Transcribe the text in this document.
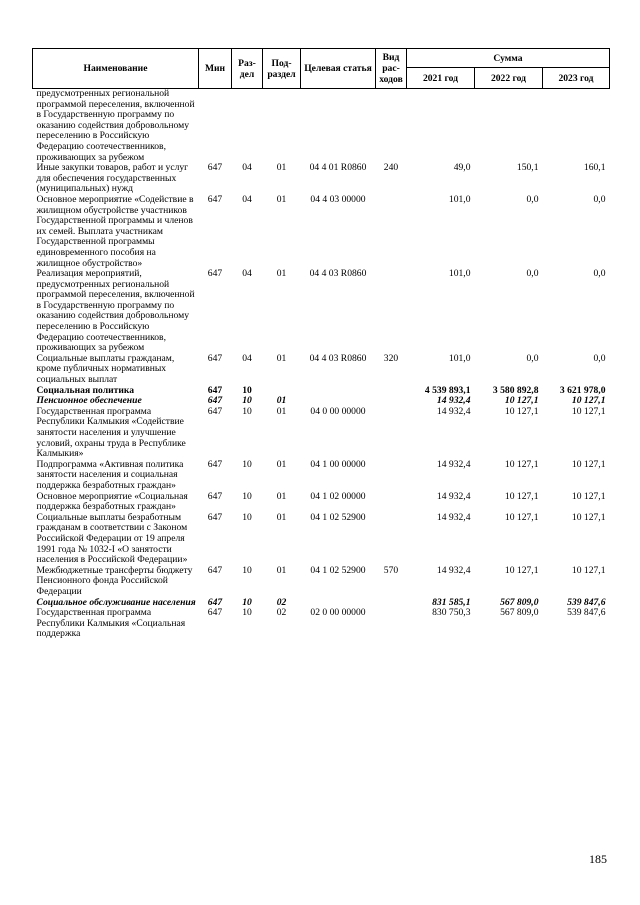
Наименование	Мин	Раз-дел	Под-раздел	Целевая статья	Вид рас-ходов	Сумма		
						2021 год	2022 год	2023 год
предусмотренных региональной программой переселения, включенной в Государственную программу по оказанию содействия добровольному переселению в Российскую Федерацию соотечественников, проживающих за рубежом								
Иные закупки товаров, работ и услуг для обеспечения государственных (муниципальных) нужд	647	04	01	04 4 01 R0860	240	49,0	150,1	160,1
Основное мероприятие «Содействие в жилищном обустройстве участников Государственной программы и членов их семей. Выплата участникам Государственной программы единовременного пособия на жилищное обустройство»	647	04	01	04 4 03 00000		101,0	0,0	0,0
Реализация мероприятий, предусмотренных региональной программой переселения, включенной в Государственную программу по оказанию содействия добровольному переселению в Российскую Федерацию соотечественников, проживающих за рубежом	647	04	01	04 4 03 R0860		101,0	0,0	0,0
Социальные выплаты гражданам, кроме публичных нормативных социальных выплат	647	04	01	04 4 03 R0860	320	101,0	0,0	0,0
Социальная политика	647	10				4 539 893,1	3 580 892,8	3 621 978,0
Пенсионное обеспечение	647	10	01			14 932,4	10 127,1	10 127,1
Государственная программа Республики Калмыкия «Содействие занятости населения и улучшение условий, охраны труда в Республике Калмыкия»	647	10	01	04 0 00 00000		14 932,4	10 127,1	10 127,1
Подпрограмма «Активная политика занятости населения и социальная поддержка безработных граждан»	647	10	01	04 1 00 00000		14 932,4	10 127,1	10 127,1
Основное мероприятие «Социальная поддержка безработных граждан»	647	10	01	04 1 02 00000		14 932,4	10 127,1	10 127,1
Социальные выплаты безработным гражданам в соответствии с Законом Российской Федерации от 19 апреля 1991 года № 1032-I «О занятости населения в Российской Федерации»	647	10	01	04 1 02 52900		14 932,4	10 127,1	10 127,1
Межбюджетные трансферты бюджету Пенсионного фонда Российской Федерации	647	10	01	04 1 02 52900	570	14 932,4	10 127,1	10 127,1
Социальное обслуживание населения	647	10	02			831 585,1	567 809,0	539 847,6
Государственная программа Республики Калмыкия «Социальная поддержка	647	10	02	02 0 00 00000		830 750,3	567 809,0	539 847,6
185
